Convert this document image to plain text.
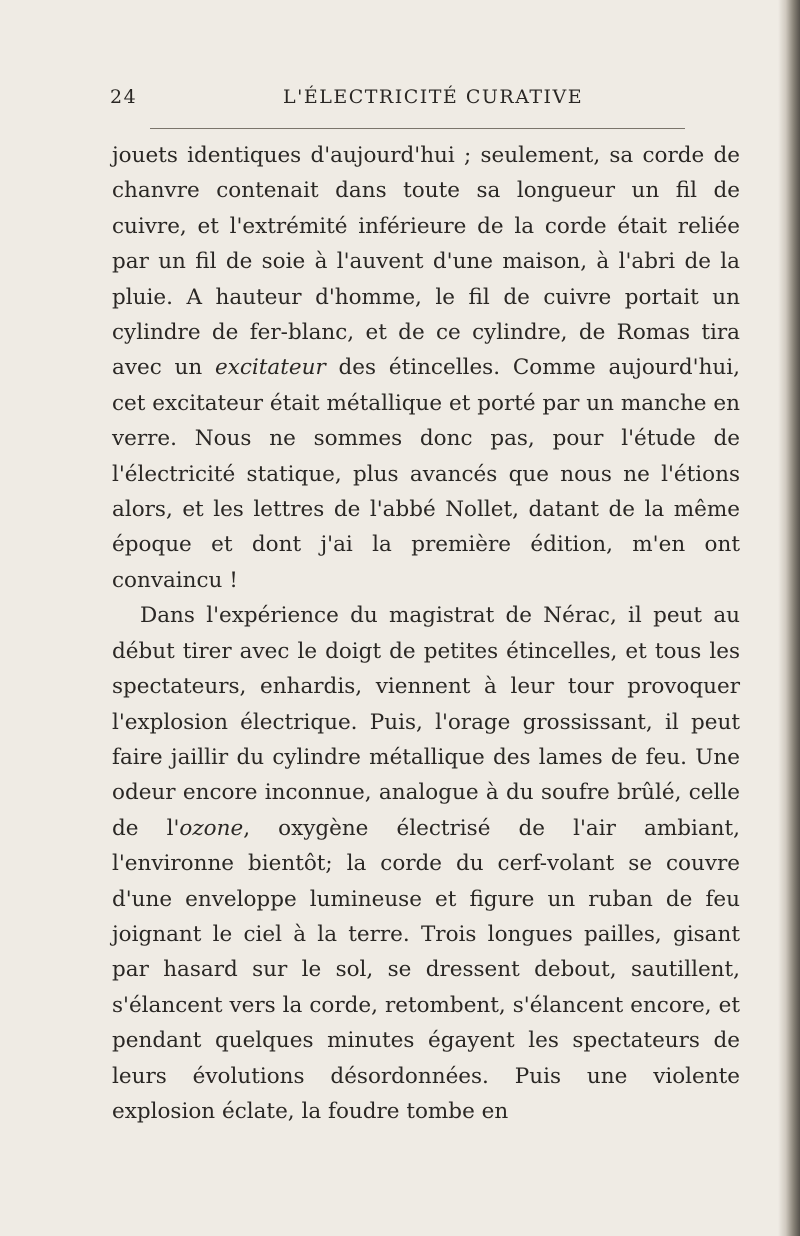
24	L'ÉLECTRICITÉ CURATIVE

jouets identiques d'aujourd'hui ; seulement, sa corde de chanvre contenait dans toute sa longueur un fil de cuivre, et l'extrémité inférieure de la corde était reliée par un fil de soie à l'auvent d'une maison, à l'abri de la pluie. A hauteur d'homme, le fil de cuivre portait un cylindre de fer-blanc, et de ce cylindre, de Romas tira avec un excitateur des étincelles. Comme aujourd'hui, cet excitateur était métallique et porté par un manche en verre. Nous ne sommes donc pas, pour l'étude de l'électricité statique, plus avancés que nous ne l'étions alors, et les lettres de l'abbé Nollet, datant de la même époque et dont j'ai la première édition, m'en ont convaincu !

Dans l'expérience du magistrat de Nérac, il peut au début tirer avec le doigt de petites étincelles, et tous les spectateurs, enhardis, viennent à leur tour provoquer l'explosion électrique. Puis, l'orage grossissant, il peut faire jaillir du cylindre métallique des lames de feu. Une odeur encore inconnue, analogue à du soufre brûlé, celle de l'ozone, oxygène électrisé de l'air ambiant, l'environne bientôt; la corde du cerf-volant se couvre d'une enveloppe lumineuse et figure un ruban de feu joignant le ciel à la terre. Trois longues pailles, gisant par hasard sur le sol, se dressent debout, sautillent, s'élancent vers la corde, retombent, s'élancent encore, et pendant quelques minutes égayent les spectateurs de leurs évolutions désordonnées. Puis une violente explosion éclate, la foudre tombe en
